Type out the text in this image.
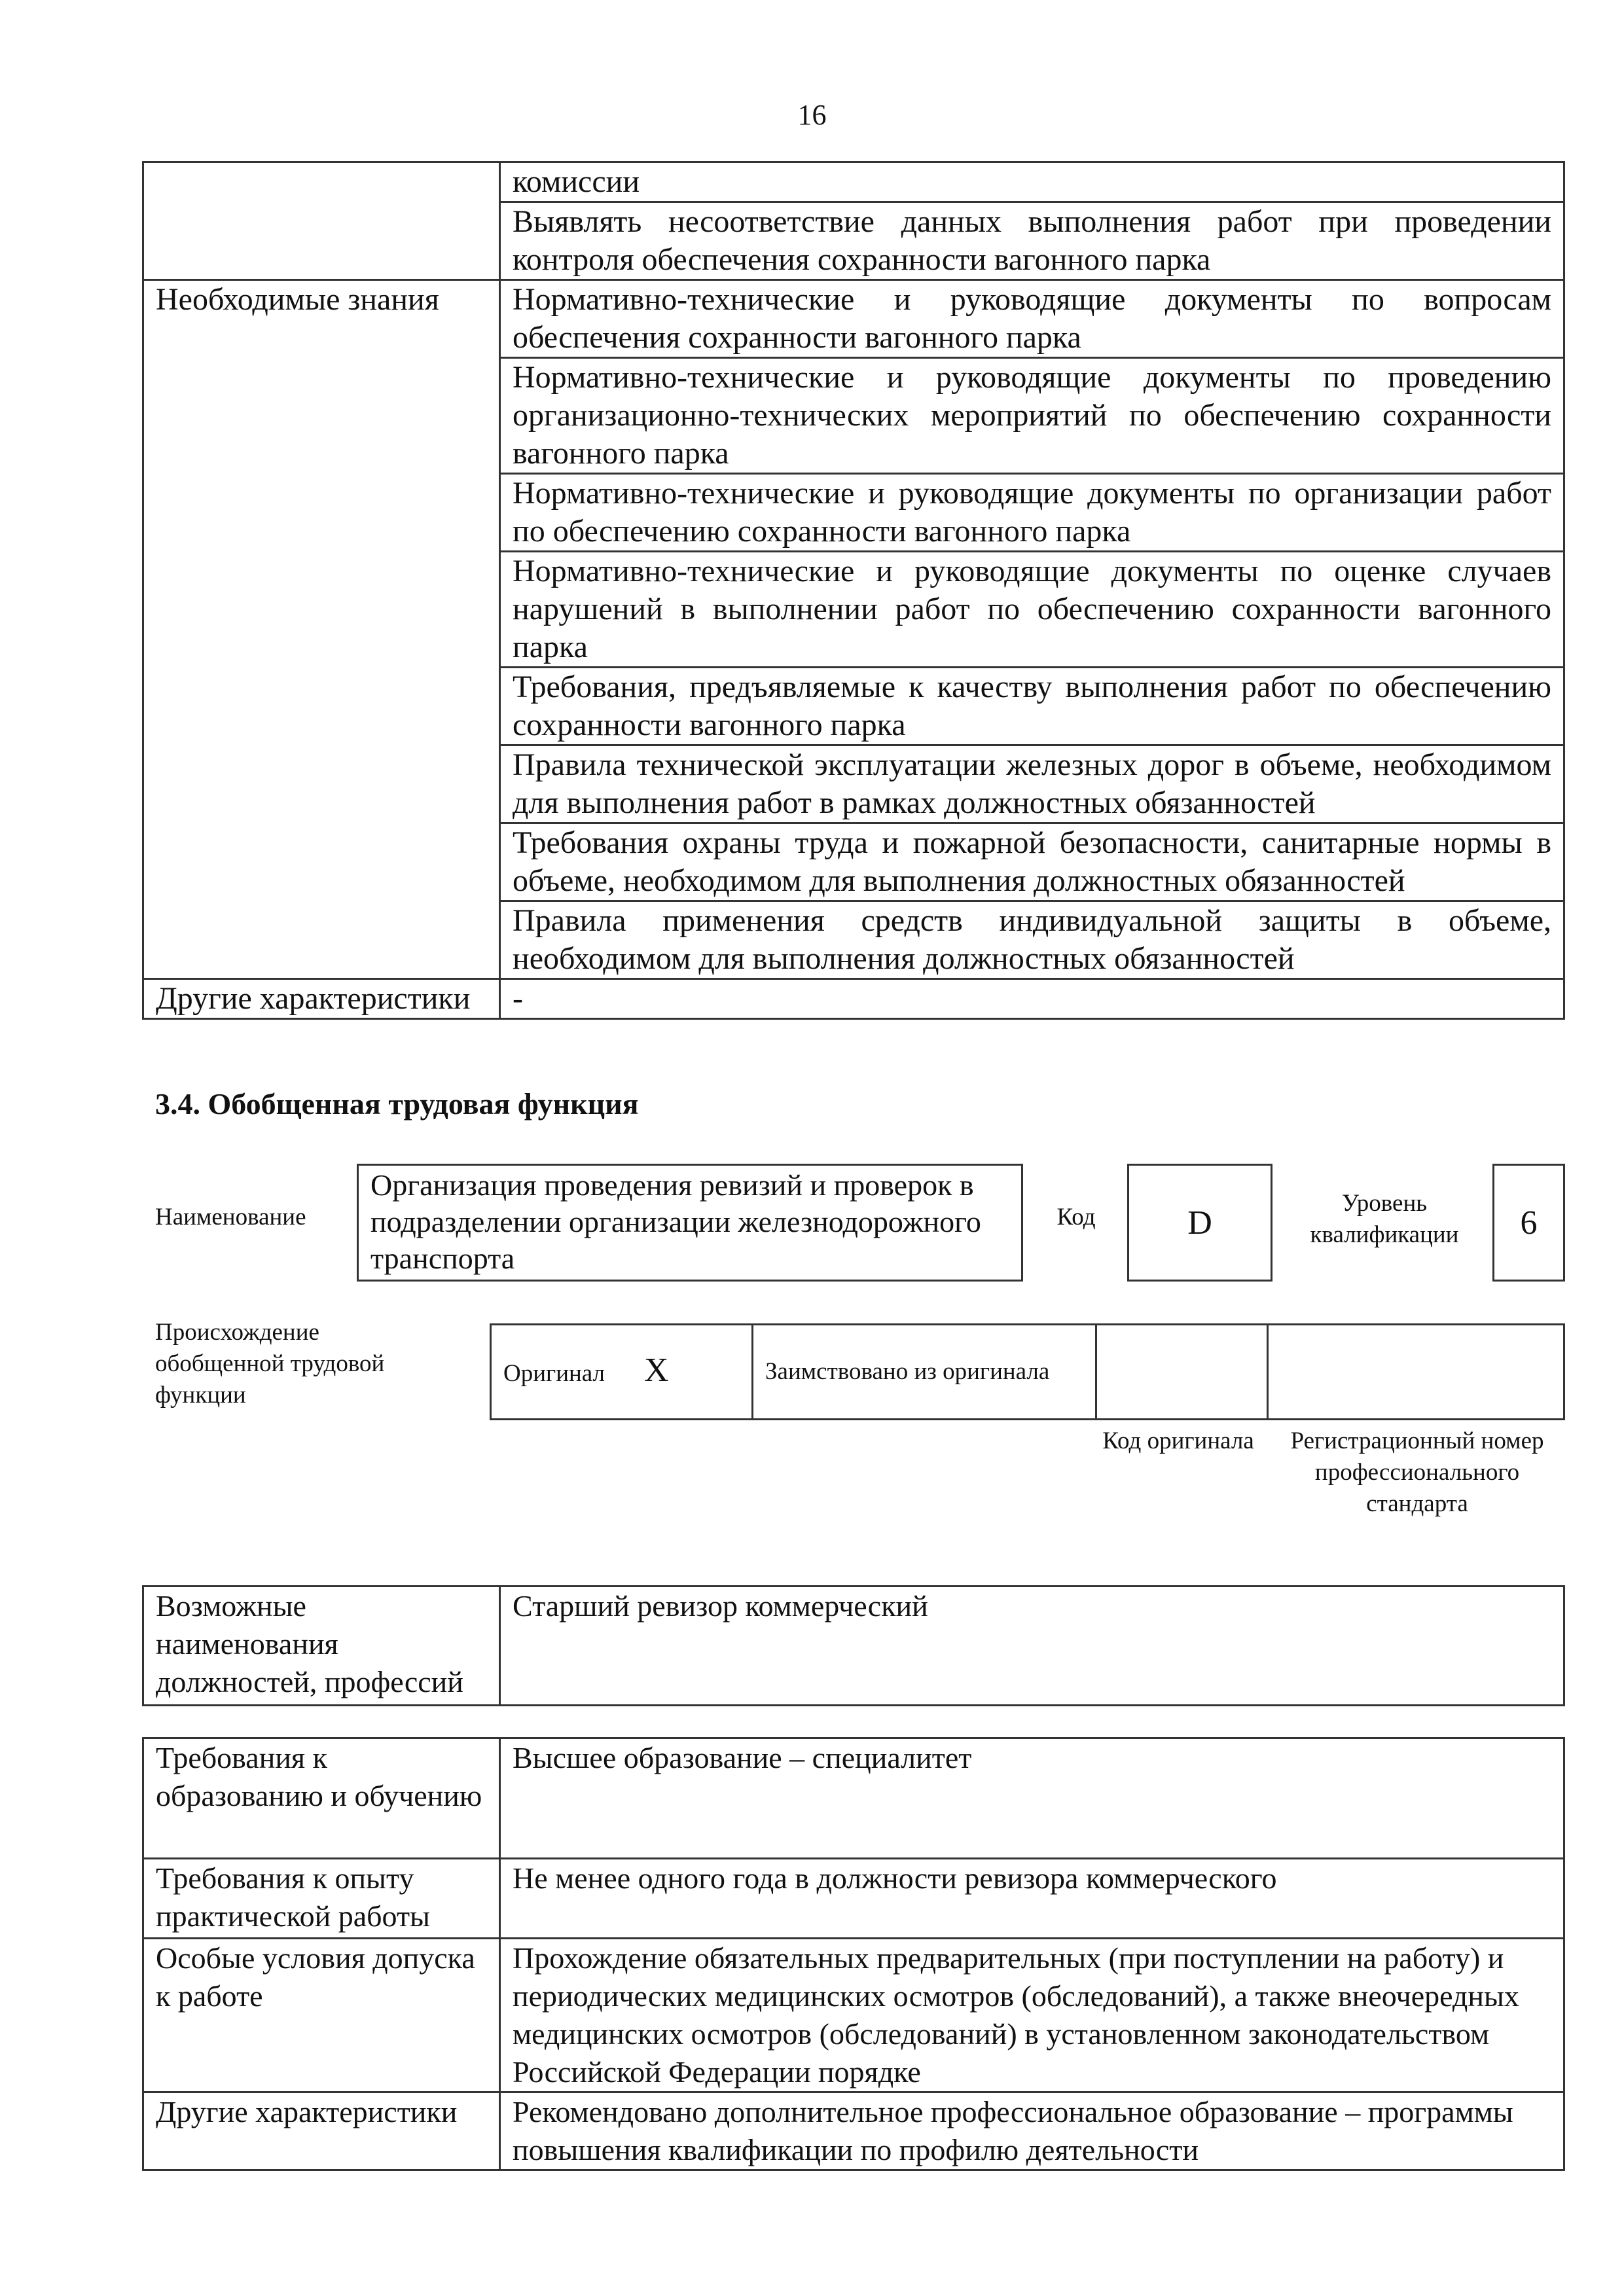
16
	комиссии
	Выявлять несоответствие данных выполнения работ при проведении контроля обеспечения сохранности вагонного парка
Необходимые знания	Нормативно-технические и руководящие документы по вопросам обеспечения сохранности вагонного парка
	Нормативно-технические и руководящие документы по проведению организационно-технических мероприятий по обеспечению сохранности вагонного парка
	Нормативно-технические и руководящие документы по организации работ по обеспечению сохранности вагонного парка
	Нормативно-технические и руководящие документы по оценке случаев нарушений в выполнении работ по обеспечению сохранности вагонного парка
	Требования, предъявляемые к качеству выполнения работ по обеспечению сохранности вагонного парка
	Правила технической эксплуатации железных дорог в объеме, необходимом для выполнения работ в рамках должностных обязанностей
	Требования охраны труда и пожарной безопасности, санитарные нормы в объеме, необходимом для выполнения должностных обязанностей
	Правила применения средств индивидуальной защиты в объеме, необходимом для выполнения должностных обязанностей
Другие характеристики	-
3.4. Обобщенная трудовая функция
Наименование
Организация проведения ревизий и проверок в подразделении организации железнодорожного транспорта
Код	D
Уровень квалификации	6
Происхождение обобщенной трудовой функции
Оригинал X	Заимствовано из оригинала		
Код оригинала	Регистрационный номер профессионального стандарта
Возможные наименования должностей, профессий	Старший ревизор коммерческий
Требования к образованию и обучению	Высшее образование – специалитет
Требования к опыту практической работы	Не менее одного года в должности ревизора коммерческого
Особые условия допуска к работе	Прохождение обязательных предварительных (при поступлении на работу) и периодических медицинских осмотров (обследований), а также внеочередных медицинских осмотров (обследований) в установленном законодательством Российской Федерации порядке
Другие характеристики	Рекомендовано дополнительное профессиональное образование – программы повышения квалификации по профилю деятельности
